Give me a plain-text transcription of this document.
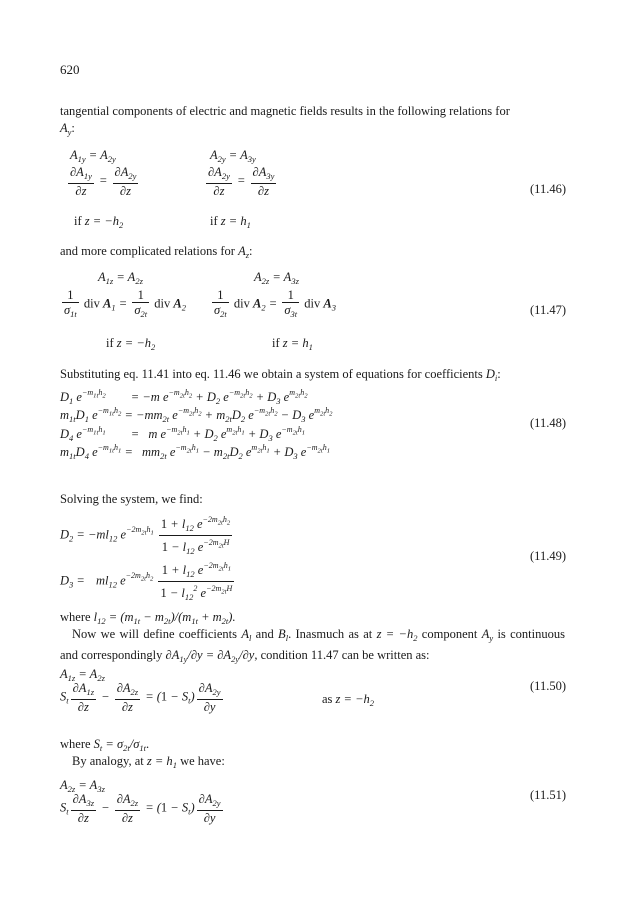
620
tangential components of electric and magnetic fields results in the following relations for
$A_y$:
$A_{1y} = A_{2y}$	$A_{2y} = A_{3y}$
$\frac{\partial A_{1y}}{\partial z} = \frac{\partial A_{2y}}{\partial z}$	$\frac{\partial A_{2y}}{\partial z} = \frac{\partial A_{3y}}{\partial z}$	(11.46)
if $z = -h_2$	if $z = h_1$
and more complicated relations for $A_z$:
$A_{1z} = A_{2z}$	$A_{2z} = A_{3z}$
$\frac{1}{\sigma_{1t}}$ div $A_1 = \frac{1}{\sigma_{2t}}$ div $A_2 \frac{1}{\sigma_{2t}}$ div $A_2 = \frac{1}{\sigma_{3t}}$ div $A_3$	(11.47)
if $z = -h_2$	if $z = h_1$
Substituting eq. 11.41 into eq. 11.46 we obtain a system of equations for coefficients $D_i$:
$D_1$ $e^{-m_{1t}h_2} = -m$ $e^{-m_{2t}h_2} + D_2$ $e^{-m_{2t}h_2} + D_3$ $e^{m_{2t}h_2}$
$m_{1t}D_1$ $e^{-m_{1t}h_2} = -mm_{2t}$ $e^{-m_{2t}h_2} + m_{2t}D_2$ $e^{-m_{2t}h_2} - D_3$ $e^{m_{2t}h_2}$
$D_4$ $e^{-m_{1t}h_1} = m$ $e^{-m_{2t}h_1} + D_2$ $e^{m_{2t}h_1} + D_3$ $e^{-m_{2t}h_1}$
$m_{1t}D_4$ $e^{-m_{1t}h_1} = mm_{2t}$ $e^{-m_{2t}h_1} - m_{2t}D_2$ $e^{m_{2t}h_1} + D_3$ $e^{-m_{2t}h_1}$
(11.48)
Solving the system, we find:
$D_2 = -ml_{12}$ $e^{-2m_{2t}h_1} \frac{1 + l_{12} e^{-2m_{2t}h_2}}{1 - l_{12} e^{-2m_{2t}H}}$
$D_3 = ml_{12}$ $e^{-2m_{2t}h_2} \frac{1 + l_{12} e^{-2m_{2t}h_1}}{1 - l_{12}^2 e^{-2m_{2t}H}}$
(11.49)
where $l_{12} = (m_{1t} - m_{2t})/(m_{1t} + m_{2t})$.
Now we will define coefficients $A_l$ and $B_l$. Inasmuch as at $z = -h_2$ component $A_y$ is continuous and correspondingly $\partial A_{1y}/\partial y = \partial A_{2y}/\partial y$, condition 11.47 can be written as:
$A_{1z} = A_{2z}$
$S_t \frac{\partial A_{1z}}{\partial z} - \frac{\partial A_{2z}}{\partial z} = (1 - S_t) \frac{\partial A_{2y}}{\partial y}$	as $z = -h_2$
(11.50)
where $S_t = \sigma_{2t}/\sigma_{1t}$.
By analogy, at $z = h_1$ we have:
$A_{2z} = A_{3z}$
$S_t \frac{\partial A_{3z}}{\partial z} - \frac{\partial A_{2z}}{\partial z} = (1 - S_t) \frac{\partial A_{2y}}{\partial y}$	(11.51)
